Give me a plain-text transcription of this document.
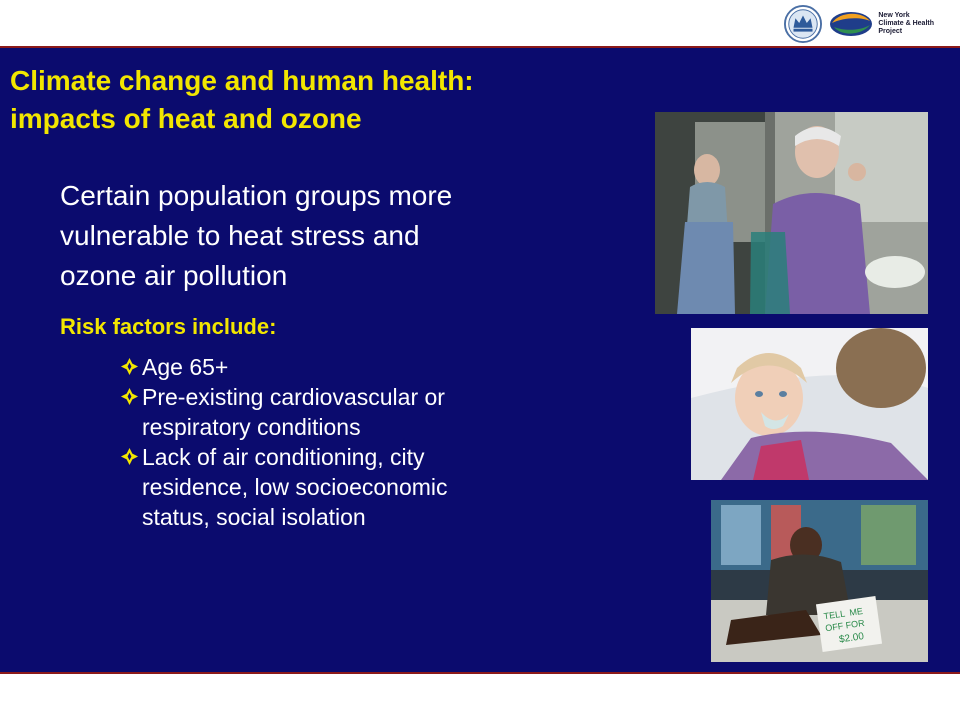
New York
Climate & Health
Project
Climate change and human health:
impacts of heat and ozone
Certain population groups more
vulnerable to heat stress and
ozone air pollution
Risk factors include:
Age 65+
Pre-existing cardiovascular or
respiratory conditions
Lack of air conditioning, city
residence, low socioeconomic
status, social isolation
TELL ME
OFF FOR
$2.00
